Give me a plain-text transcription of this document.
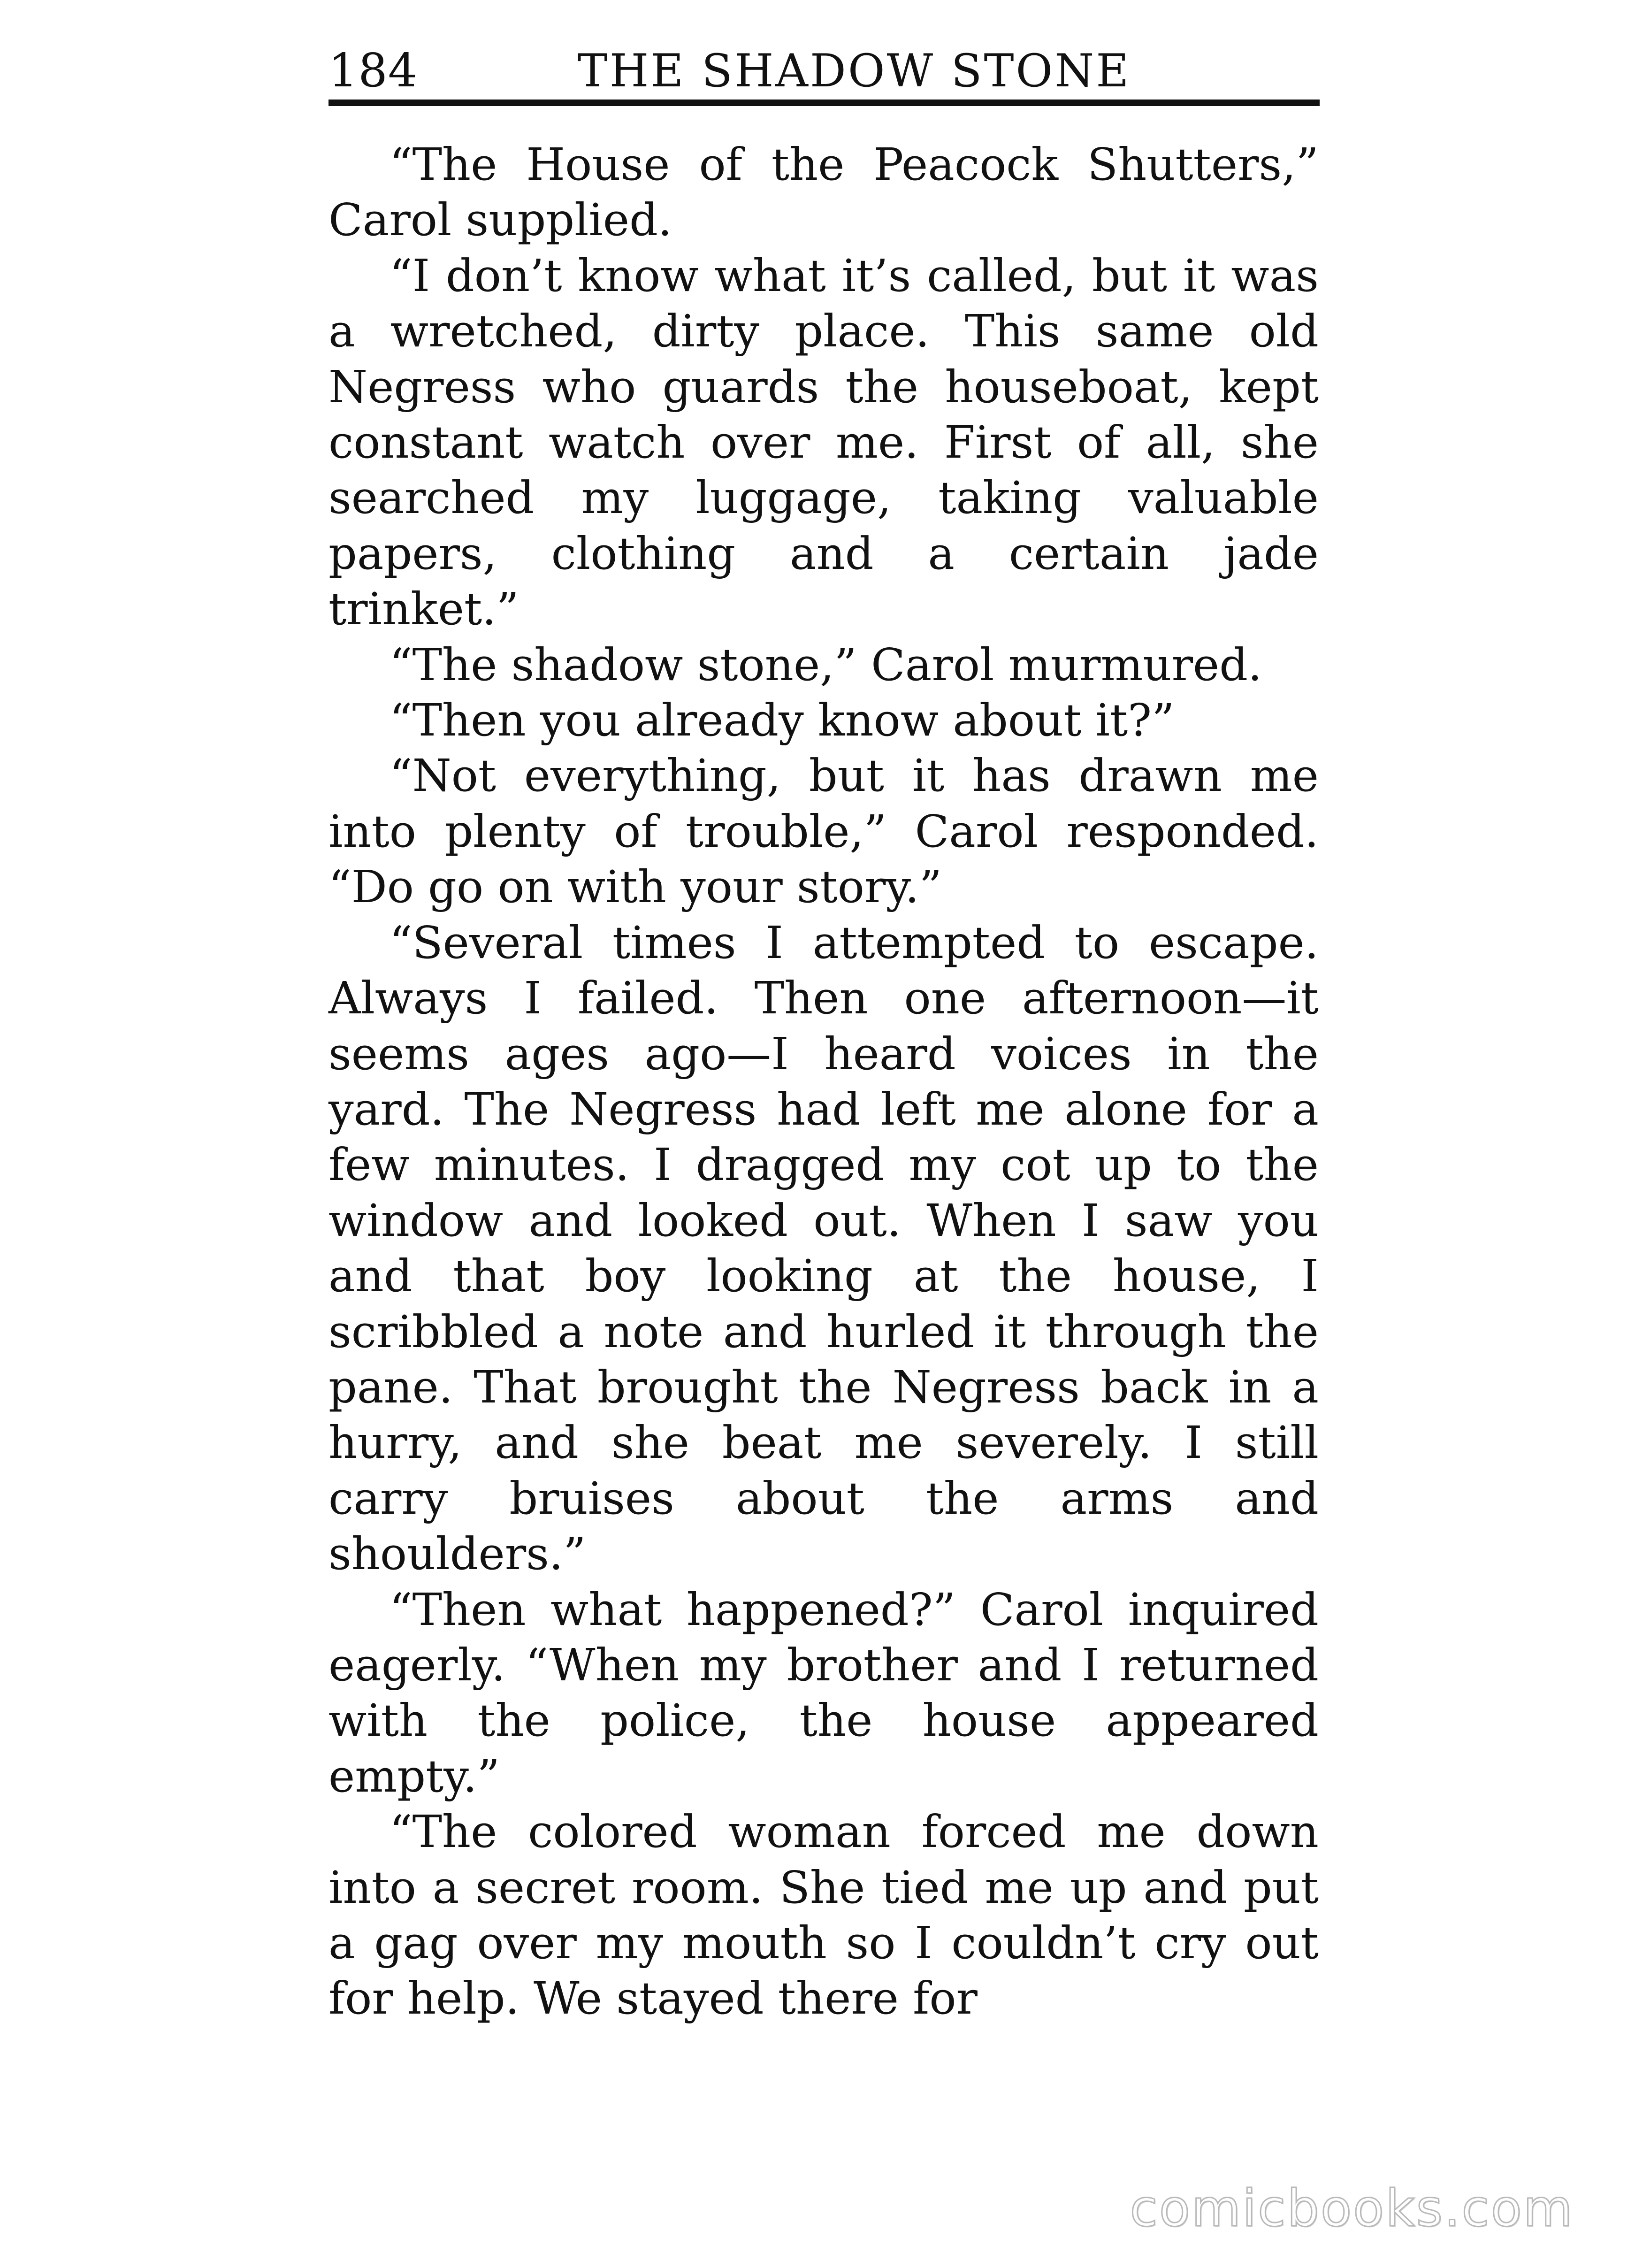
184	THE SHADOW STONE

“The House of the Peacock Shutters,” Carol supplied.

“I don’t know what it’s called, but it was a wretched, dirty place. This same old Negress who guards the houseboat, kept constant watch over me. First of all, she searched my luggage, taking valuable papers, clothing and a certain jade trinket.”

“The shadow stone,” Carol murmured.

“Then you already know about it?”

“Not everything, but it has drawn me into plenty of trouble,” Carol responded. “Do go on with your story.”

“Several times I attempted to escape. Always I failed. Then one afternoon—it seems ages ago—I heard voices in the yard. The Negress had left me alone for a few minutes. I dragged my cot up to the window and looked out. When I saw you and that boy looking at the house, I scribbled a note and hurled it through the pane. That brought the Negress back in a hurry, and she beat me severely. I still carry bruises about the arms and shoulders.”

“Then what happened?” Carol inquired eagerly. “When my brother and I returned with the police, the house appeared empty.”

“The colored woman forced me down into a secret room. She tied me up and put a gag over my mouth so I couldn’t cry out for help. We stayed there for

comicbooks.com
